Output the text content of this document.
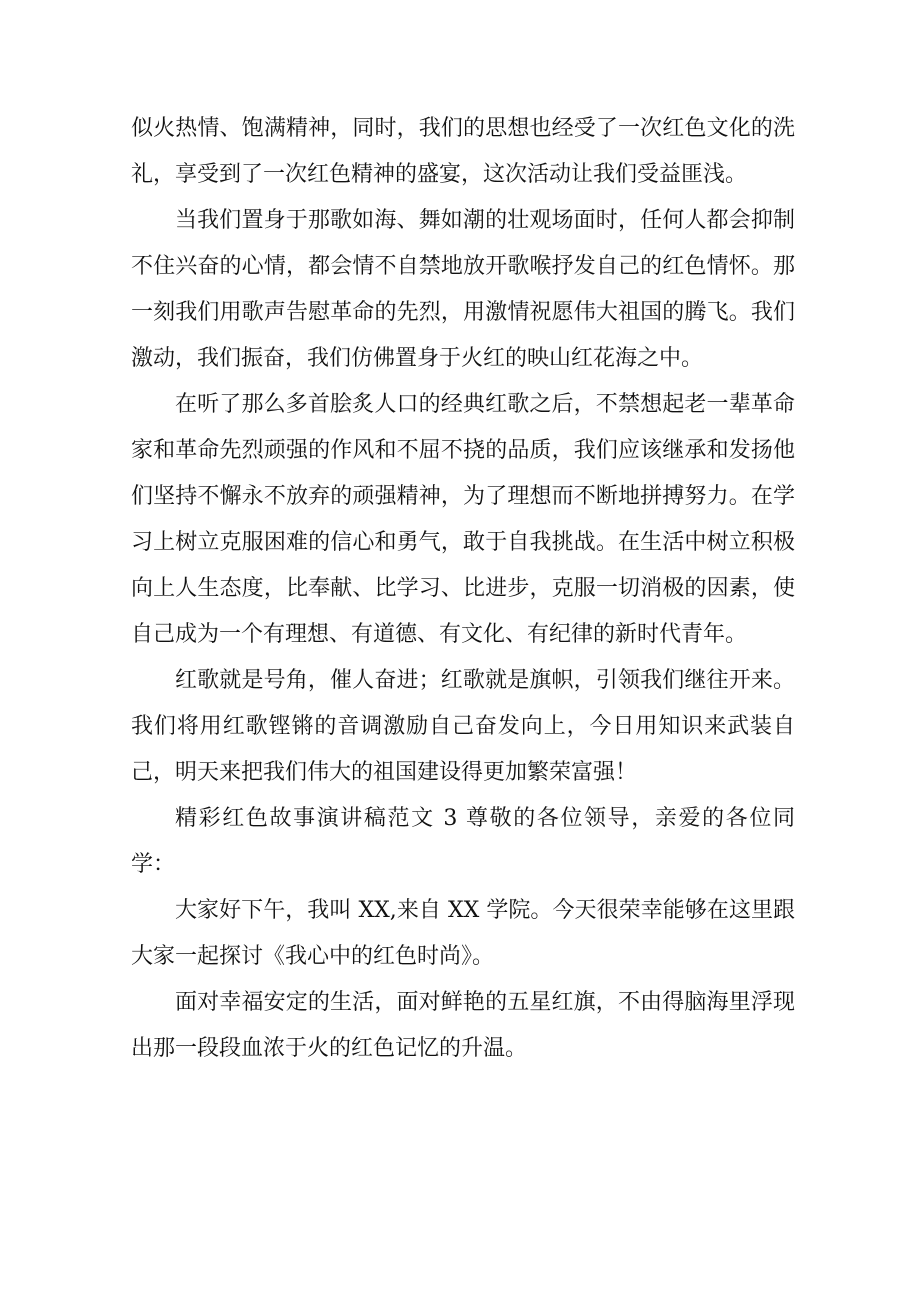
似火热情、饱满精神，同时，我们的思想也经受了一次红色文化的洗礼，享受到了一次红色精神的盛宴，这次活动让我们受益匪浅。

当我们置身于那歌如海、舞如潮的壮观场面时，任何人都会抑制不住兴奋的心情，都会情不自禁地放开歌喉抒发自己的红色情怀。那一刻我们用歌声告慰革命的先烈，用激情祝愿伟大祖国的腾飞。我们激动，我们振奋，我们仿佛置身于火红的映山红花海之中。

在听了那么多首脍炙人口的经典红歌之后，不禁想起老一辈革命家和革命先烈顽强的作风和不屈不挠的品质，我们应该继承和发扬他们坚持不懈永不放弃的顽强精神，为了理想而不断地拼搏努力。在学习上树立克服困难的信心和勇气，敢于自我挑战。在生活中树立积极向上人生态度，比奉献、比学习、比进步，克服一切消极的因素，使自己成为一个有理想、有道德、有文化、有纪律的新时代青年。

红歌就是号角，催人奋进；红歌就是旗帜，引领我们继往开来。我们将用红歌铿锵的音调激励自己奋发向上，今日用知识来武装自己，明天来把我们伟大的祖国建设得更加繁荣富强！

精彩红色故事演讲稿范文 3 尊敬的各位领导，亲爱的各位同学：

大家好下午，我叫 XX,来自 XX 学院。今天很荣幸能够在这里跟大家一起探讨《我心中的红色时尚》。

面对幸福安定的生活，面对鲜艳的五星红旗，不由得脑海里浮现出那一段段血浓于火的红色记忆的升温。
